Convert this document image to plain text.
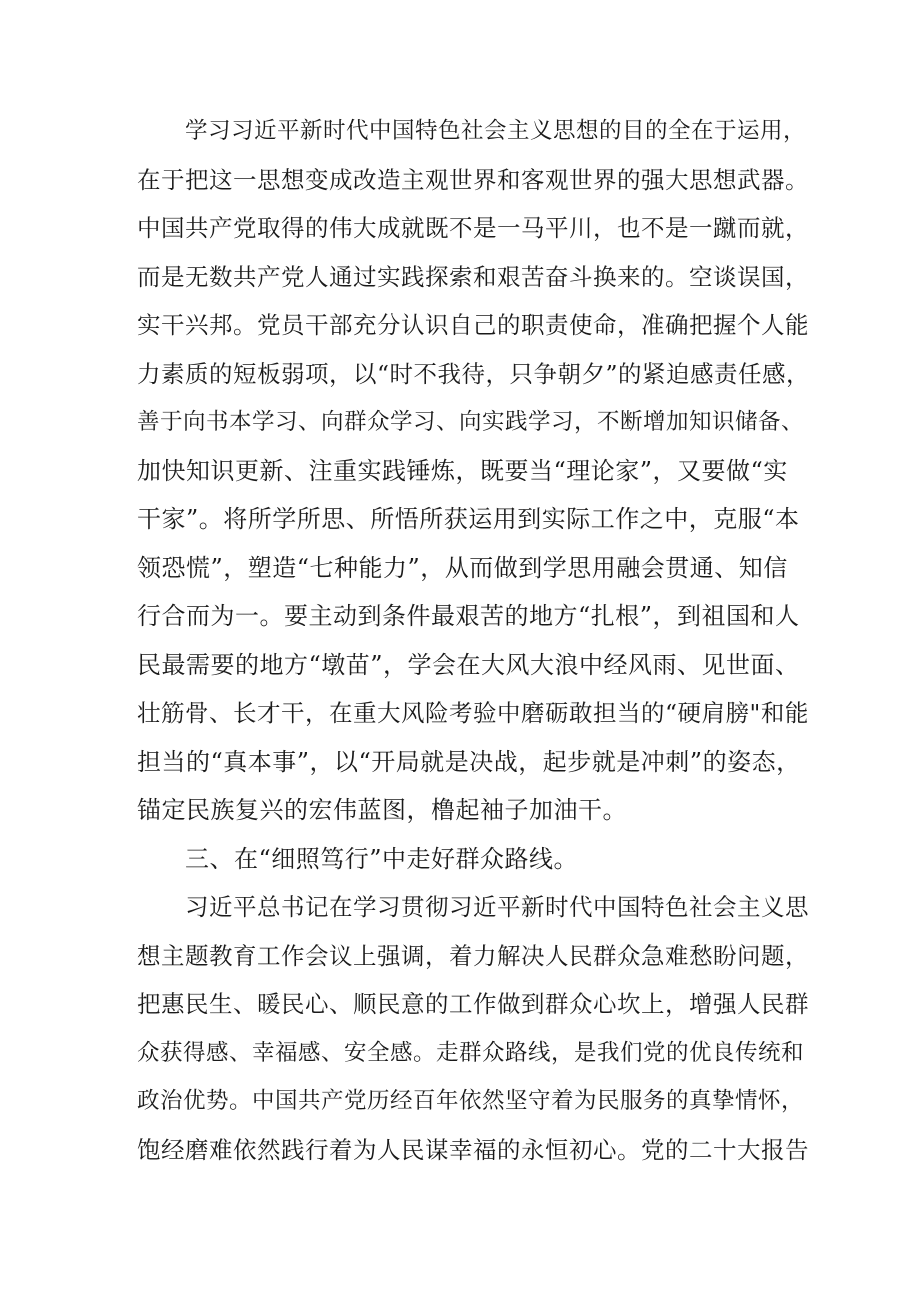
学习习近平新时代中国特色社会主义思想的目的全在于运用，
在于把这一思想变成改造主观世界和客观世界的强大思想武器。
中国共产党取得的伟大成就既不是一马平川，也不是一蹴而就，
而是无数共产党人通过实践探索和艰苦奋斗换来的。空谈误国，
实干兴邦。党员干部充分认识自己的职责使命，准确把握个人能
力素质的短板弱项，以“时不我待，只争朝夕”的紧迫感责任感，
善于向书本学习、向群众学习、向实践学习，不断增加知识储备、
加快知识更新、注重实践锤炼，既要当“理论家”，又要做“实
干家”。将所学所思、所悟所获运用到实际工作之中，克服“本
领恐慌”，塑造“七种能力”，从而做到学思用融会贯通、知信
行合而为一。要主动到条件最艰苦的地方“扎根”，到祖国和人
民最需要的地方“墩苗”，学会在大风大浪中经风雨、见世面、
壮筋骨、长才干，在重大风险考验中磨砺敢担当的“硬肩膀"和能
担当的“真本事”，以“开局就是决战，起步就是冲刺”的姿态，
锚定民族复兴的宏伟蓝图，橹起袖子加油干。
三、在“细照笃行”中走好群众路线。
习近平总书记在学习贯彻习近平新时代中国特色社会主义思
想主题教育工作会议上强调，着力解决人民群众急难愁盼问题，
把惠民生、暖民心、顺民意的工作做到群众心坎上，增强人民群
众获得感、幸福感、安全感。走群众路线，是我们党的优良传统和
政治优势。中国共产党历经百年依然坚守着为民服务的真挚情怀，
饱经磨难依然践行着为人民谋幸福的永恒初心。党的二十大报告
